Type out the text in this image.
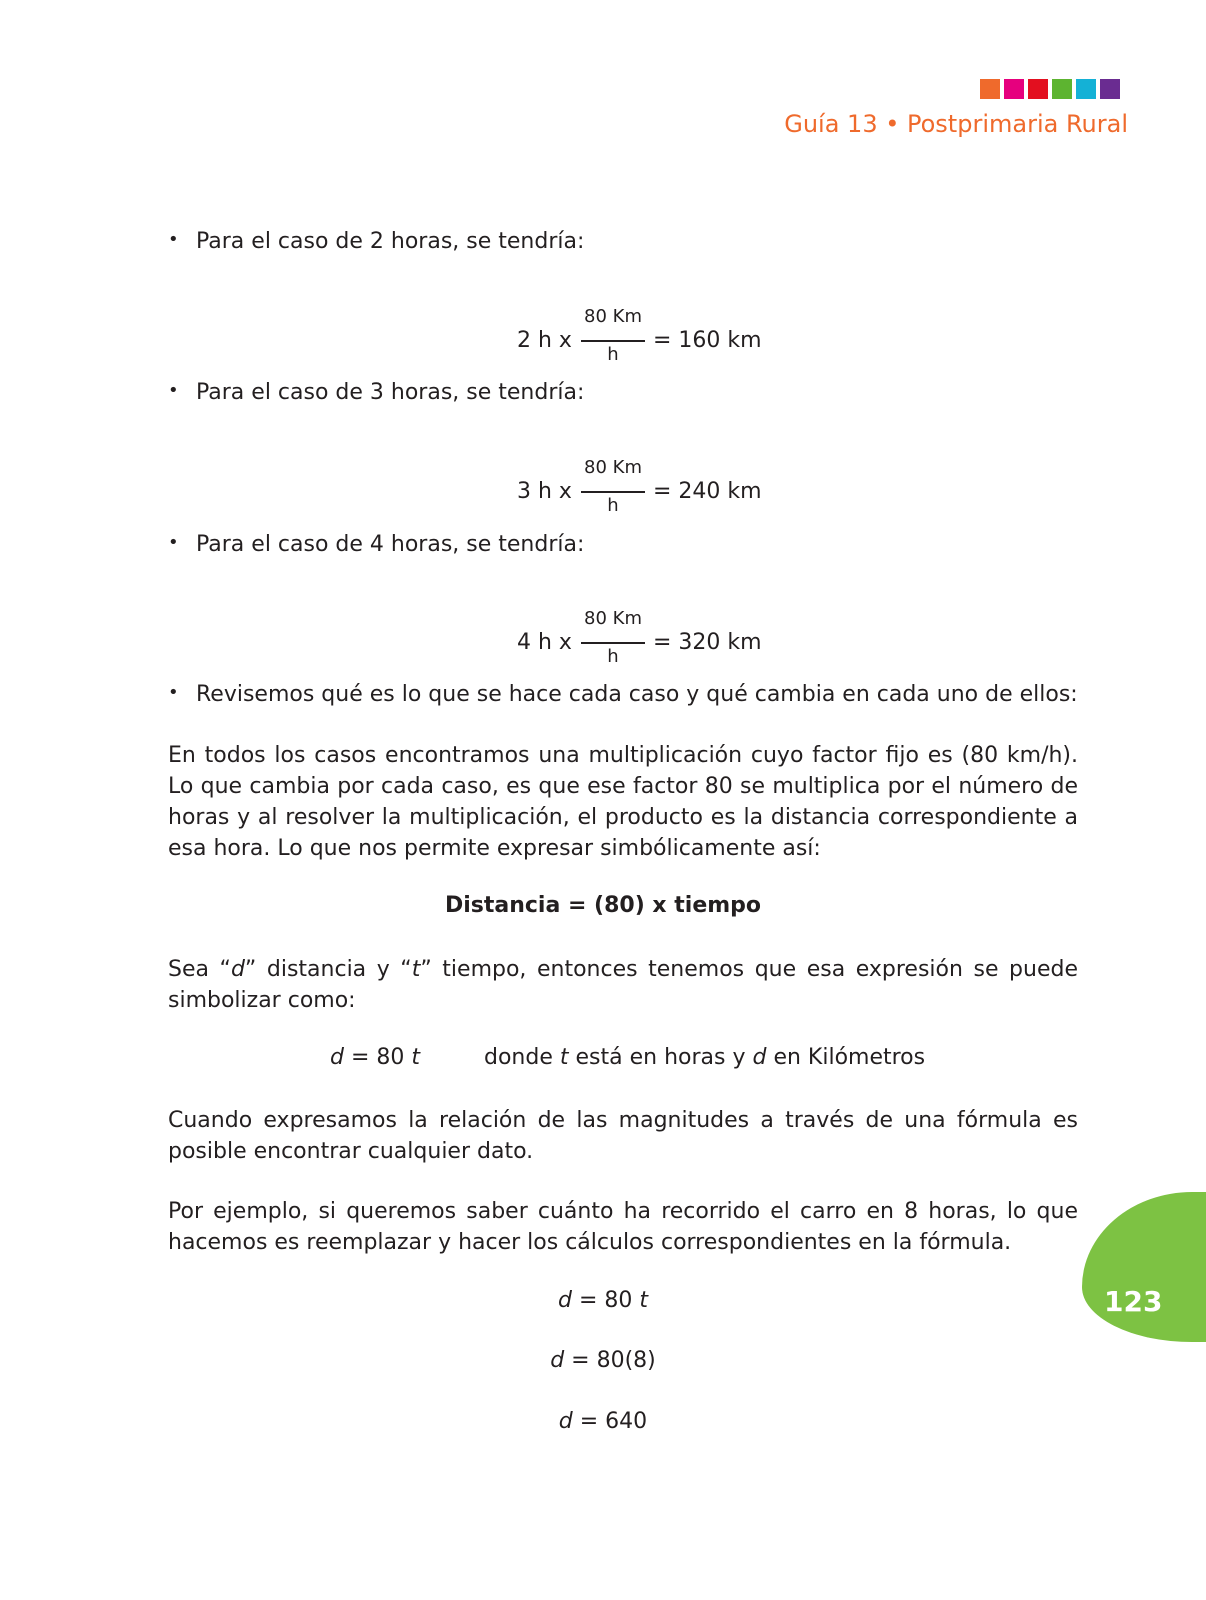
Guía 13 • Postprimaria Rural
• Para el caso de 2 horas, se tendría:
2 h x
80 Km
h
= 160 km
• Para el caso de 3 horas, se tendría:
3 h x
80 Km
h
= 240 km
• Para el caso de 4 horas, se tendría:
4 h x
80 Km
h
= 320 km
• Revisemos qué es lo que se hace cada caso y qué cambia en cada uno de ellos:
En todos los casos encontramos una multiplicación cuyo factor fijo es (80 km/h). Lo que cambia por cada caso, es que ese factor 80 se multiplica por el número de horas y al resolver la multiplicación, el producto es la distancia correspondiente a esa hora. Lo que nos permite expresar simbólicamente así:
Distancia = (80) x tiempo
Sea “d” distancia y “t” tiempo, entonces tenemos que esa expresión se puede simbolizar como:
d = 80 t	donde t está en horas y d en Kilómetros
Cuando expresamos la relación de las magnitudes a través de una fórmula es posible encontrar cualquier dato.
Por ejemplo, si queremos saber cuánto ha recorrido el carro en 8 horas, lo que hacemos es reemplazar y hacer los cálculos correspondientes en la fórmula.
d = 80 t
d = 80(8)
d = 640
123
